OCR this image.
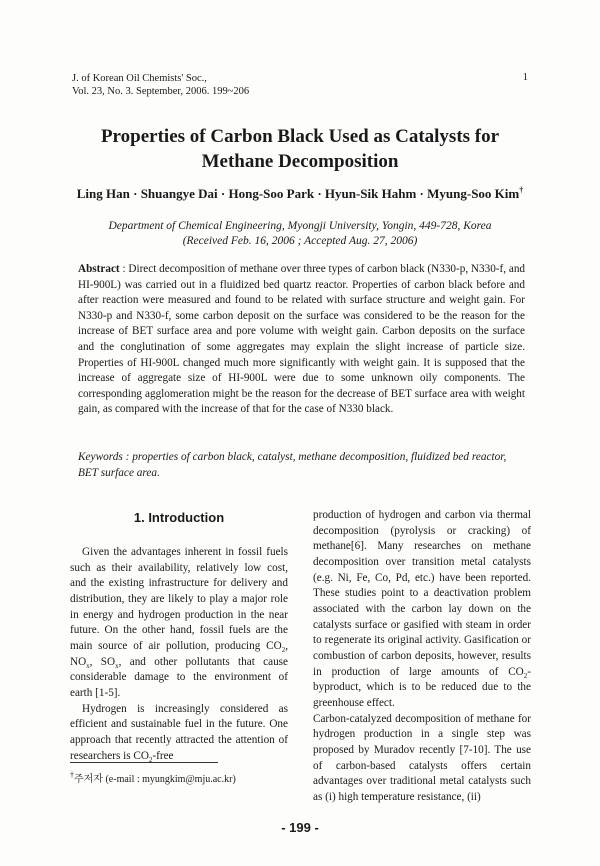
J. of Korean Oil Chemists' Soc.,
Vol. 23, No. 3. September, 2006. 199~206
1
Properties of Carbon Black Used as Catalysts for
Methane Decomposition
Ling Han · Shuangye Dai · Hong-Soo Park · Hyun-Sik Hahm · Myung-Soo Kim†
Department of Chemical Engineering, Myongji University, Yongin, 449-728, Korea
(Received Feb. 16, 2006 ; Accepted Aug. 27, 2006)
Abstract : Direct decomposition of methane over three types of carbon black (N330-p, N330-f, and HI-900L) was carried out in a fluidized bed quartz reactor. Properties of carbon black before and after reaction were measured and found to be related with surface structure and weight gain. For N330-p and N330-f, some carbon deposit on the surface was considered to be the reason for the increase of BET surface area and pore volume with weight gain. Carbon deposits on the surface and the conglutination of some aggregates may explain the slight increase of particle size. Properties of HI-900L changed much more significantly with weight gain. It is supposed that the increase of aggregate size of HI-900L were due to some unknown oily components. The corresponding agglomeration might be the reason for the decrease of BET surface area with weight gain, as compared with the increase of that for the case of N330 black.
Keywords : properties of carbon black, catalyst, methane decomposition, fluidized bed reactor, BET surface area.
1. Introduction

Given the advantages inherent in fossil fuels such as their availability, relatively low cost, and the existing infrastructure for delivery and distribution, they are likely to play a major role in energy and hydrogen production in the near future. On the other hand, fossil fuels are the main source of air pollution, producing $CO_2$, $NO_x$, $SO_x$, and other pollutants that cause considerable damage to the environment of earth [1-5].

Hydrogen is increasingly considered as efficient and sustainable fuel in the future. One approach that recently attracted the attention of researchers is $CO_2$-free

production of hydrogen and carbon via thermal decomposition (pyrolysis or cracking) of methane[6]. Many researches on methane decomposition over transition metal catalysts (e.g. Ni, Fe, Co, Pd, etc.) have been reported. These studies point to a deactivation problem associated with the carbon lay down on the catalysts surface or gasified with steam in order to regenerate its original activity. Gasification or combustion of carbon deposits, however, results in production of large amounts of $CO_2$-byproduct, which is to be reduced due to the greenhouse effect.

Carbon-catalyzed decomposition of methane for hydrogen production in a single step was proposed by Muradov recently [7-10]. The use of carbon-based catalysts offers certain advantages over traditional metal catalysts such as (i) high temperature resistance, (ii)

†주저자 (e-mail : myungkim@mju.ac.kr)
- 199 -
